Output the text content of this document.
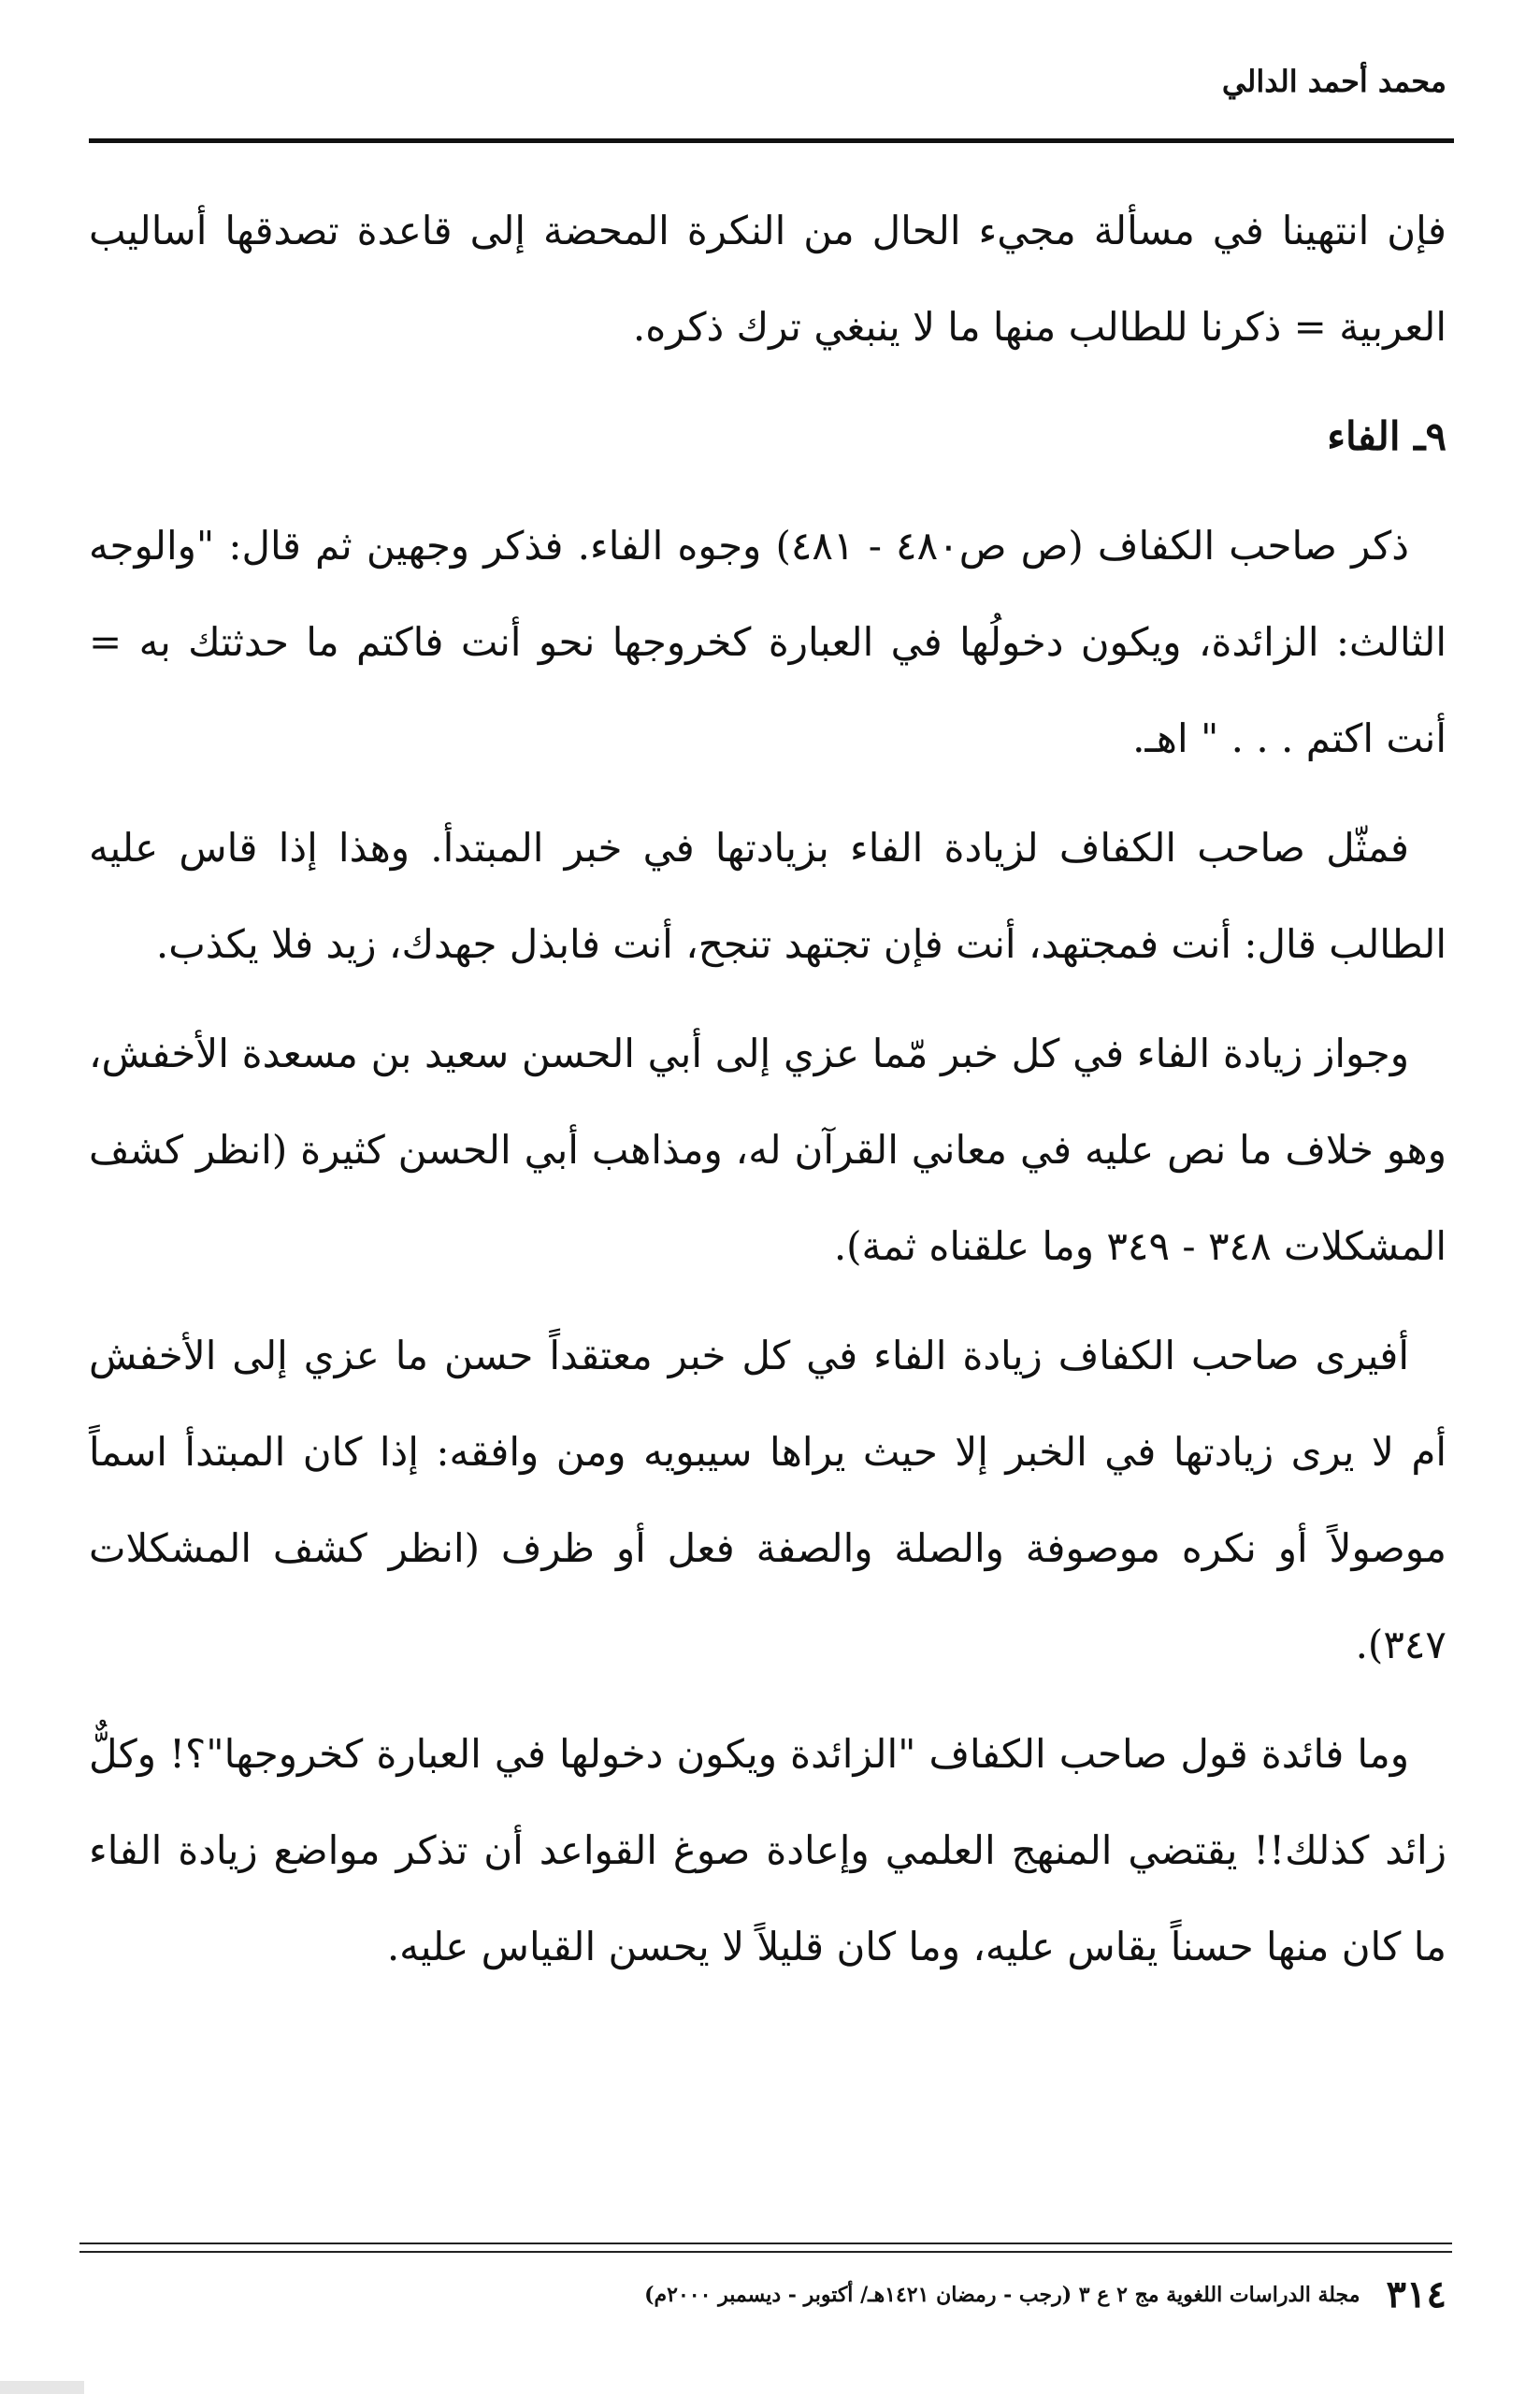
محمد أحمد الدالي

فإن انتهينا في مسألة مجيء الحال من النكرة المحضة إلى قاعدة تصدقها أساليب العربية = ذكرنا للطالب منها ما لا ينبغي ترك ذكره.

٩ـ الفاء

ذكر صاحب الكفاف (ص ص٤٨٠ - ٤٨١) وجوه الفاء. فذكر وجهين ثم قال: "والوجه الثالث: الزائدة، ويكون دخولُها في العبارة كخروجها نحو أنت فاكتم ما حدثتك به = أنت اكتم . . . " اهـ.

فمثّل صاحب الكفاف لزيادة الفاء بزيادتها في خبر المبتدأ. وهذا إذا قاس عليه الطالب قال: أنت فمجتهد، أنت فإن تجتهد تنجح، أنت فابذل جهدك، زيد فلا يكذب.

وجواز زيادة الفاء في كل خبر مّما عزي إلى أبي الحسن سعيد بن مسعدة الأخفش، وهو خلاف ما نص عليه في معاني القرآن له، ومذاهب أبي الحسن كثيرة (انظر كشف المشكلات ٣٤٨ - ٣٤٩ وما علقناه ثمة).

أفيرى صاحب الكفاف زيادة الفاء في كل خبر معتقداً حسن ما عزي إلى الأخفش أم لا يرى زيادتها في الخبر إلا حيث يراها سيبويه ومن وافقه: إذا كان المبتدأ اسماً موصولاً أو نكره موصوفة والصلة والصفة فعل أو ظرف (انظر كشف المشكلات ٣٤٧).

وما فائدة قول صاحب الكفاف "الزائدة ويكون دخولها في العبارة كخروجها"؟! وكلٌّ زائد كذلك!! يقتضي المنهج العلمي وإعادة صوغ القواعد أن تذكر مواضع زيادة الفاء ما كان منها حسناً يقاس عليه، وما كان قليلاً لا يحسن القياس عليه.

٣١٤
مجلة الدراسات اللغوية مج ٢ ع ٣ (رجب - رمضان ١٤٢١هـ/ أكتوبر - ديسمبر ٢٠٠٠م)
